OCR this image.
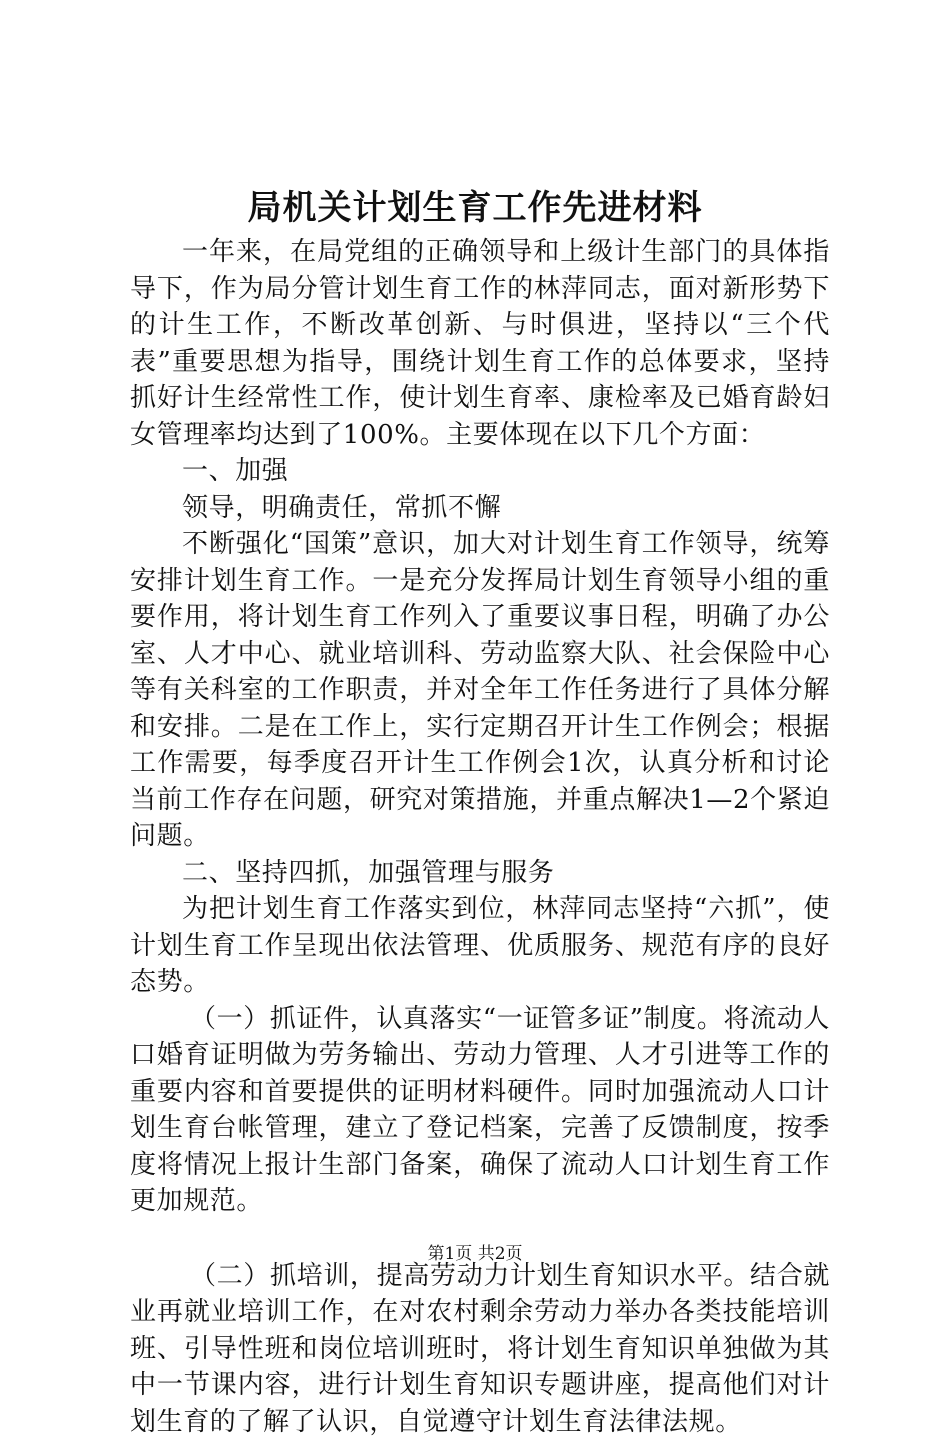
局机关计划生育工作先进材料

一年来，在局党组的正确领导和上级计生部门的具体指导下，作为局分管计划生育工作的林萍同志，面对新形势下的计生工作，不断改革创新、与时俱进，坚持以“三个代表”重要思想为指导，围绕计划生育工作的总体要求，坚持抓好计生经常性工作，使计划生育率、康检率及已婚育龄妇女管理率均达到了100%。主要体现在以下几个方面：

一、加强

领导，明确责任，常抓不懈

不断强化“国策”意识，加大对计划生育工作领导，统筹安排计划生育工作。一是充分发挥局计划生育领导小组的重要作用，将计划生育工作列入了重要议事日程，明确了办公室、人才中心、就业培训科、劳动监察大队、社会保险中心等有关科室的工作职责，并对全年工作任务进行了具体分解和安排。二是在工作上，实行定期召开计生工作例会；根据工作需要，每季度召开计生工作例会1次，认真分析和讨论当前工作存在问题，研究对策措施，并重点解决1—2个紧迫问题。

二、坚持四抓，加强管理与服务

为把计划生育工作落实到位，林萍同志坚持“六抓”，使计划生育工作呈现出依法管理、优质服务、规范有序的良好态势。

（一）抓证件，认真落实“一证管多证”制度。将流动人口婚育证明做为劳务输出、劳动力管理、人才引进等工作的重要内容和首要提供的证明材料硬件。同时加强流动人口计划生育台帐管理，建立了登记档案，完善了反馈制度，按季度将情况上报计生部门备案，确保了流动人口计划生育工作更加规范。

（二）抓培训，提高劳动力计划生育知识水平。结合就业再就业培训工作，在对农村剩余劳动力举办各类技能培训班、引导性班和岗位培训班时，将计划生育知识单独做为其中一节课内容，进行计划生育知识专题讲座，提高他们对计划生育的了解了认识，自觉遵守计划生育法律法规。

第1页 共2页
